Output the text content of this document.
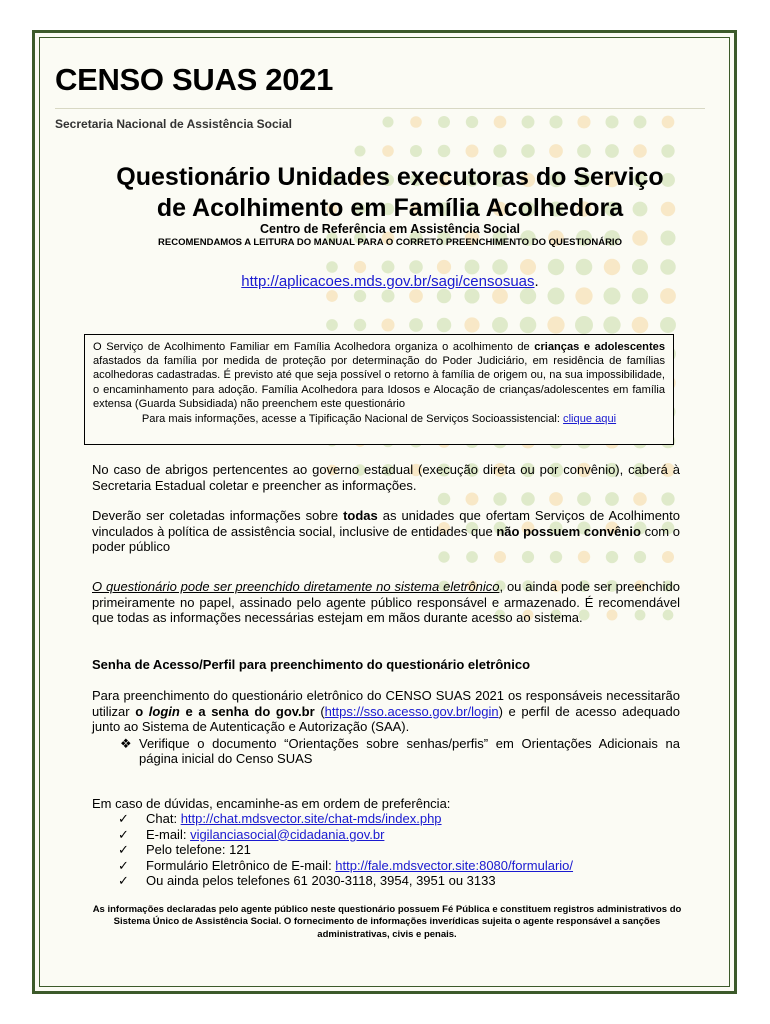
CENSO SUAS 2021
Secretaria Nacional de Assistência Social
Questionário Unidades executoras do Serviço
de Acolhimento em Família Acolhedora
Centro de Referência em Assistência Social
RECOMENDAMOS A LEITURA DO MANUAL PARA O CORRETO PREENCHIMENTO DO QUESTIONÁRIO
http://aplicacoes.mds.gov.br/sagi/censosuas.
O Serviço de Acolhimento Familiar em Família Acolhedora organiza o acolhimento de crianças e adolescentes afastados da família por medida de proteção por determinação do Poder Judiciário, em residência de famílias acolhedoras cadastradas. É previsto até que seja possível o retorno à família de origem ou, na sua impossibilidade, o encaminhamento para adoção. Família Acolhedora para Idosos e Alocação de crianças/adolescentes em família extensa (Guarda Subsidiada) não preenchem este questionário
Para mais informações, acesse a Tipificação Nacional de Serviços Socioassistencial: clique aqui

No caso de abrigos pertencentes ao governo estadual (execução direta ou por convênio), caberá à Secretaria Estadual coletar e preencher as informações.

Deverão ser coletadas informações sobre todas as unidades que ofertam Serviços de Acolhimento vinculados à política de assistência social, inclusive de entidades que não possuem convênio com o poder público

O questionário pode ser preenchido diretamente no sistema eletrônico, ou ainda pode ser preenchido primeiramente no papel, assinado pelo agente público responsável e armazenado. É recomendável que todas as informações necessárias estejam em mãos durante acesso ao sistema.

Senha de Acesso/Perfil para preenchimento do questionário eletrônico

Para preenchimento do questionário eletrônico do CENSO SUAS 2021 os responsáveis necessitarão utilizar o login e a senha do gov.br (https://sso.acesso.gov.br/login) e perfil de acesso adequado junto ao Sistema de Autenticação e Autorização (SAA).
❖ Verifique o documento “Orientações sobre senhas/perfis” em Orientações Adicionais na página inicial do Censo SUAS

Em caso de dúvidas, encaminhe-as em ordem de preferência:

✓ Chat: http://chat.mdsvector.site/chat-mds/index.php
✓ E-mail: vigilanciasocial@cidadania.gov.br
✓ Pelo telefone: 121
✓ Formulário Eletrônico de E-mail: http://fale.mdsvector.site:8080/formulario/
✓ Ou ainda pelos telefones 61 2030-3118, 3954, 3951 ou 3133

As informações declaradas pelo agente público neste questionário possuem Fé Pública e constituem registros administrativos do Sistema Único de Assistência Social. O fornecimento de informações inverídicas sujeita o agente responsável a sanções administrativas, civis e penais.
